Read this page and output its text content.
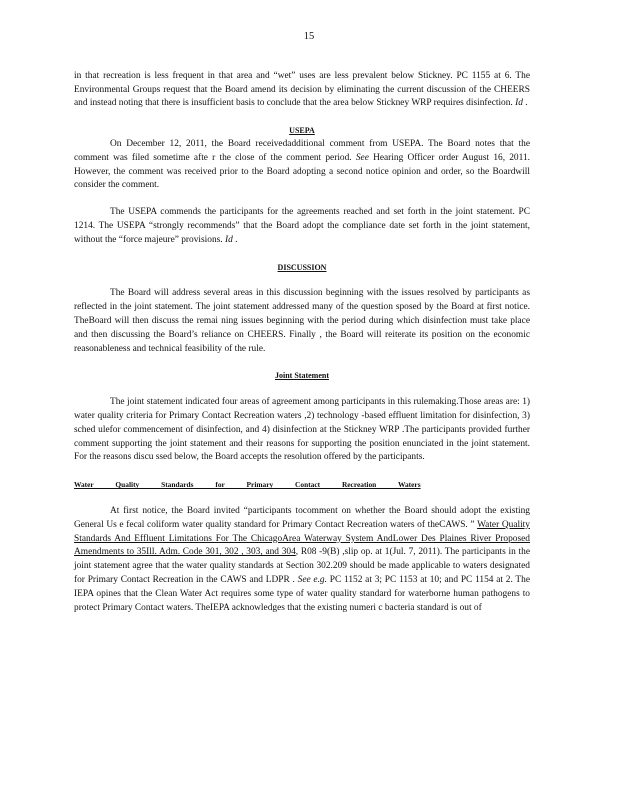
15

in that recreation is less frequent in that area and “wet” uses are less prevalent below Stickney. PC 1155 at 6. The Environmental Groups request that the Board amend its decision by eliminating the current discussion of the CHEERS and instead noting that there is insufficient basis to conclude that the area below Stickney WRP requires disinfection. Id .

USEPA

On December 12, 2011, the Board receivedadditional comment from USEPA. The Board notes that the comment was filed sometime afte r the close of the comment period. See Hearing Officer order August 16, 2011. However, the comment was received prior to the Board adopting a second notice opinion and order, so the Boardwill consider the comment.

The USEPA commends the participants for the agreements reached and set forth in the joint statement. PC 1214. The USEPA “strongly recommends” that the Board adopt the compliance date set forth in the joint statement, without the “force majeure” provisions. Id .

DISCUSSION

The Board will address several areas in this discussion beginning with the issues resolved by participants as reflected in the joint statement. The joint statement addressed many of the question sposed by the Board at first notice. TheBoard will then discuss the remai ning issues beginning with the period during which disinfection must take place and then discussing the Board’s reliance on CHEERS. Finally , the Board will reiterate its position on the economic reasonableness and technical feasibility of the rule.

Joint Statement

The joint statement indicated four areas of agreement among participants in this rulemaking.Those areas are: 1) water quality criteria for Primary Contact Recreation waters ,2) technology -based effluent limitation for disinfection, 3) sched ulefor commencement of disinfection, and 4) disinfection at the Stickney WRP .The participants provided further comment supporting the joint statement and their reasons for supporting the position enunciated in the joint statement. For the reasons discu ssed below, the Board accepts the resolution offered by the participants.

Water Quality Standards for Primary Contact Recreation Waters

At first notice, the Board invited “participants tocomment on whether the Board should adopt the existing General Us e fecal coliform water quality standard for Primary Contact Recreation waters of theCAWS. ” Water Quality Standards And Effluent Limitations For The ChicagoArea Waterway System AndLower Des Plaines River Proposed Amendments to 35Ill. Adm. Code 301, 302 , 303, and 304, R08 -9(B) ,slip op. at 1(Jul. 7, 2011). The participants in the joint statement agree that the water quality standards at Section 302.209 should be made applicable to waters designated for Primary Contact Recreation in the CAWS and LDPR . See e.g. PC 1152 at 3; PC 1153 at 10; and PC 1154 at 2. The IEPA opines that the Clean Water Act requires some type of water quality standard for waterborne human pathogens to protect Primary Contact waters. TheIEPA acknowledges that the existing numeri c bacteria standard is out of
